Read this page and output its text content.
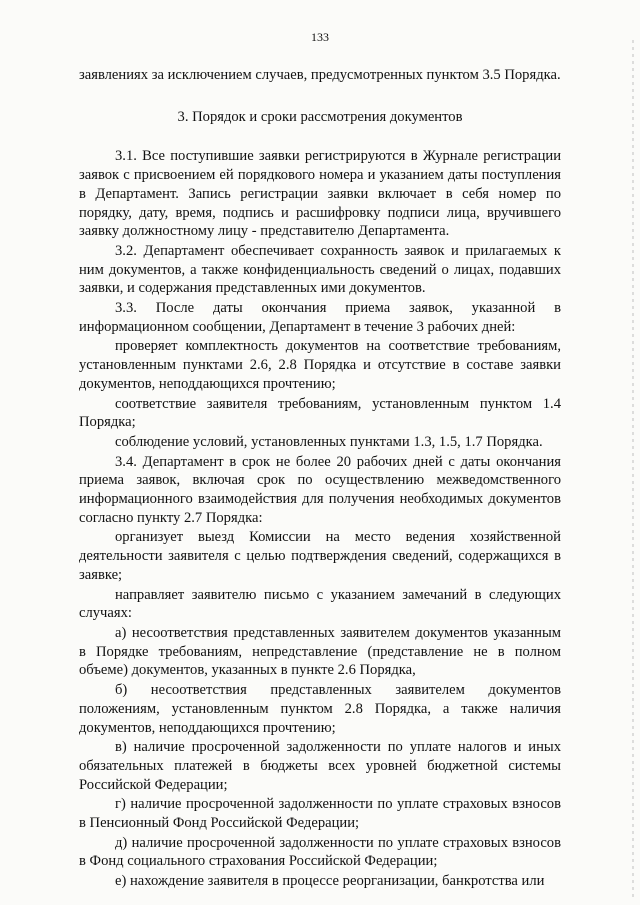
133

заявлениях за исключением случаев, предусмотренных пунктом 3.5 Порядка.

3. Порядок и сроки рассмотрения документов

3.1. Все поступившие заявки регистрируются в Журнале регистрации заявок с присвоением ей порядкового номера и указанием даты поступления в Департамент. Запись регистрации заявки включает в себя номер по порядку, дату, время, подпись и расшифровку подписи лица, вручившего заявку должностному лицу - представителю Департамента.

3.2. Департамент обеспечивает сохранность заявок и прилагаемых к ним документов, а также конфиденциальность сведений о лицах, подавших заявки, и содержания представленных ими документов.

3.3. После даты окончания приема заявок, указанной в информационном сообщении, Департамент в течение 3 рабочих дней:

проверяет комплектность документов на соответствие требованиям, установленным пунктами 2.6, 2.8 Порядка и отсутствие в составе заявки документов, неподдающихся прочтению;

соответствие заявителя требованиям, установленным пунктом 1.4 Порядка;

соблюдение условий, установленных пунктами 1.3, 1.5, 1.7 Порядка.

3.4. Департамент в срок не более 20 рабочих дней с даты окончания приема заявок, включая срок по осуществлению межведомственного информационного взаимодействия для получения необходимых документов согласно пункту 2.7 Порядка:

организует выезд Комиссии на место ведения хозяйственной деятельности заявителя с целью подтверждения сведений, содержащихся в заявке;

направляет заявителю письмо с указанием замечаний в следующих случаях:

а) несоответствия представленных заявителем документов указанным в Порядке требованиям, непредставление (представление не в полном объеме) документов, указанных в пункте 2.6 Порядка,

б) несоответствия представленных заявителем документов положениям, установленным пунктом 2.8 Порядка, а также наличия документов, неподдающихся прочтению;

в) наличие просроченной задолженности по уплате налогов и иных обязательных платежей в бюджеты всех уровней бюджетной системы Российской Федерации;

г) наличие просроченной задолженности по уплате страховых взносов в Пенсионный Фонд Российской Федерации;

д) наличие просроченной задолженности по уплате страховых взносов в Фонд социального страхования Российской Федерации;

е) нахождение заявителя в процессе реорганизации, банкротства или
